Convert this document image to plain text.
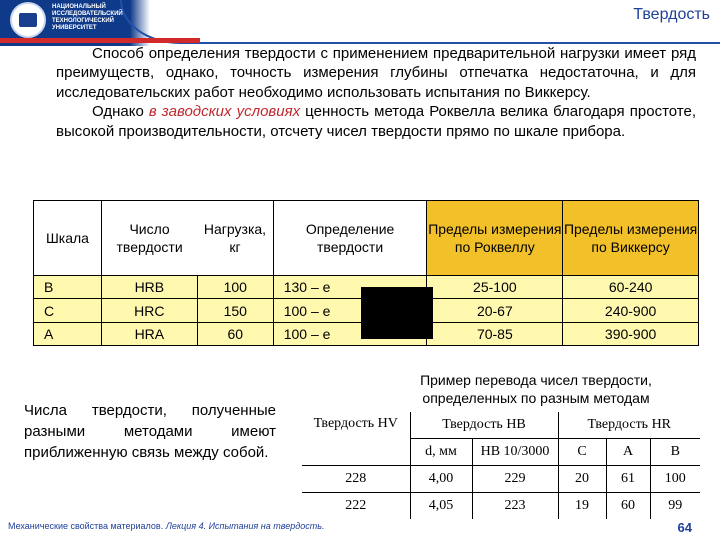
НАЦИОНАЛЬНЫЙ
ИССЛЕДОВАТЕЛЬСКИЙ
ТЕХНОЛОГИЧЕСКИЙ
УНИВЕРСИТЕТ
Твердость

Способ определения твердости с применением предварительной нагрузки имеет ряд преимуществ, однако, точность измерения глубины отпечатка недостаточна, и для исследовательских работ необходимо использовать испытания по Виккерсу.

Однако в заводских условиях ценность метода Роквелла велика благодаря простоте, высокой производительности, отсчету чисел твердости прямо по шкале прибора.

Шкала	Число твердости	Нагрузка, кг	Определение твердости	Пределы измерения по Роквеллу	Пределы измерения по Виккерсу
B	HRB	100	130 – e	25-100	60-240
C	HRC	150	100 – e	20-67	240-900
A	HRA	60	100 – e	70-85	390-900

Числа твердости, полученные разными методами имеют приближенную связь между собой.

Пример перевода чисел твердости, определенных по разным методам
Твердость HV	Твердость HB		Твердость HR		
	d, мм	HB 10/3000	C	A	B
228	4,00	229	20	61	100
222	4,05	223	19	60	99
Механические свойства материалов. Лекция 4. Испытания на твердость.	64
